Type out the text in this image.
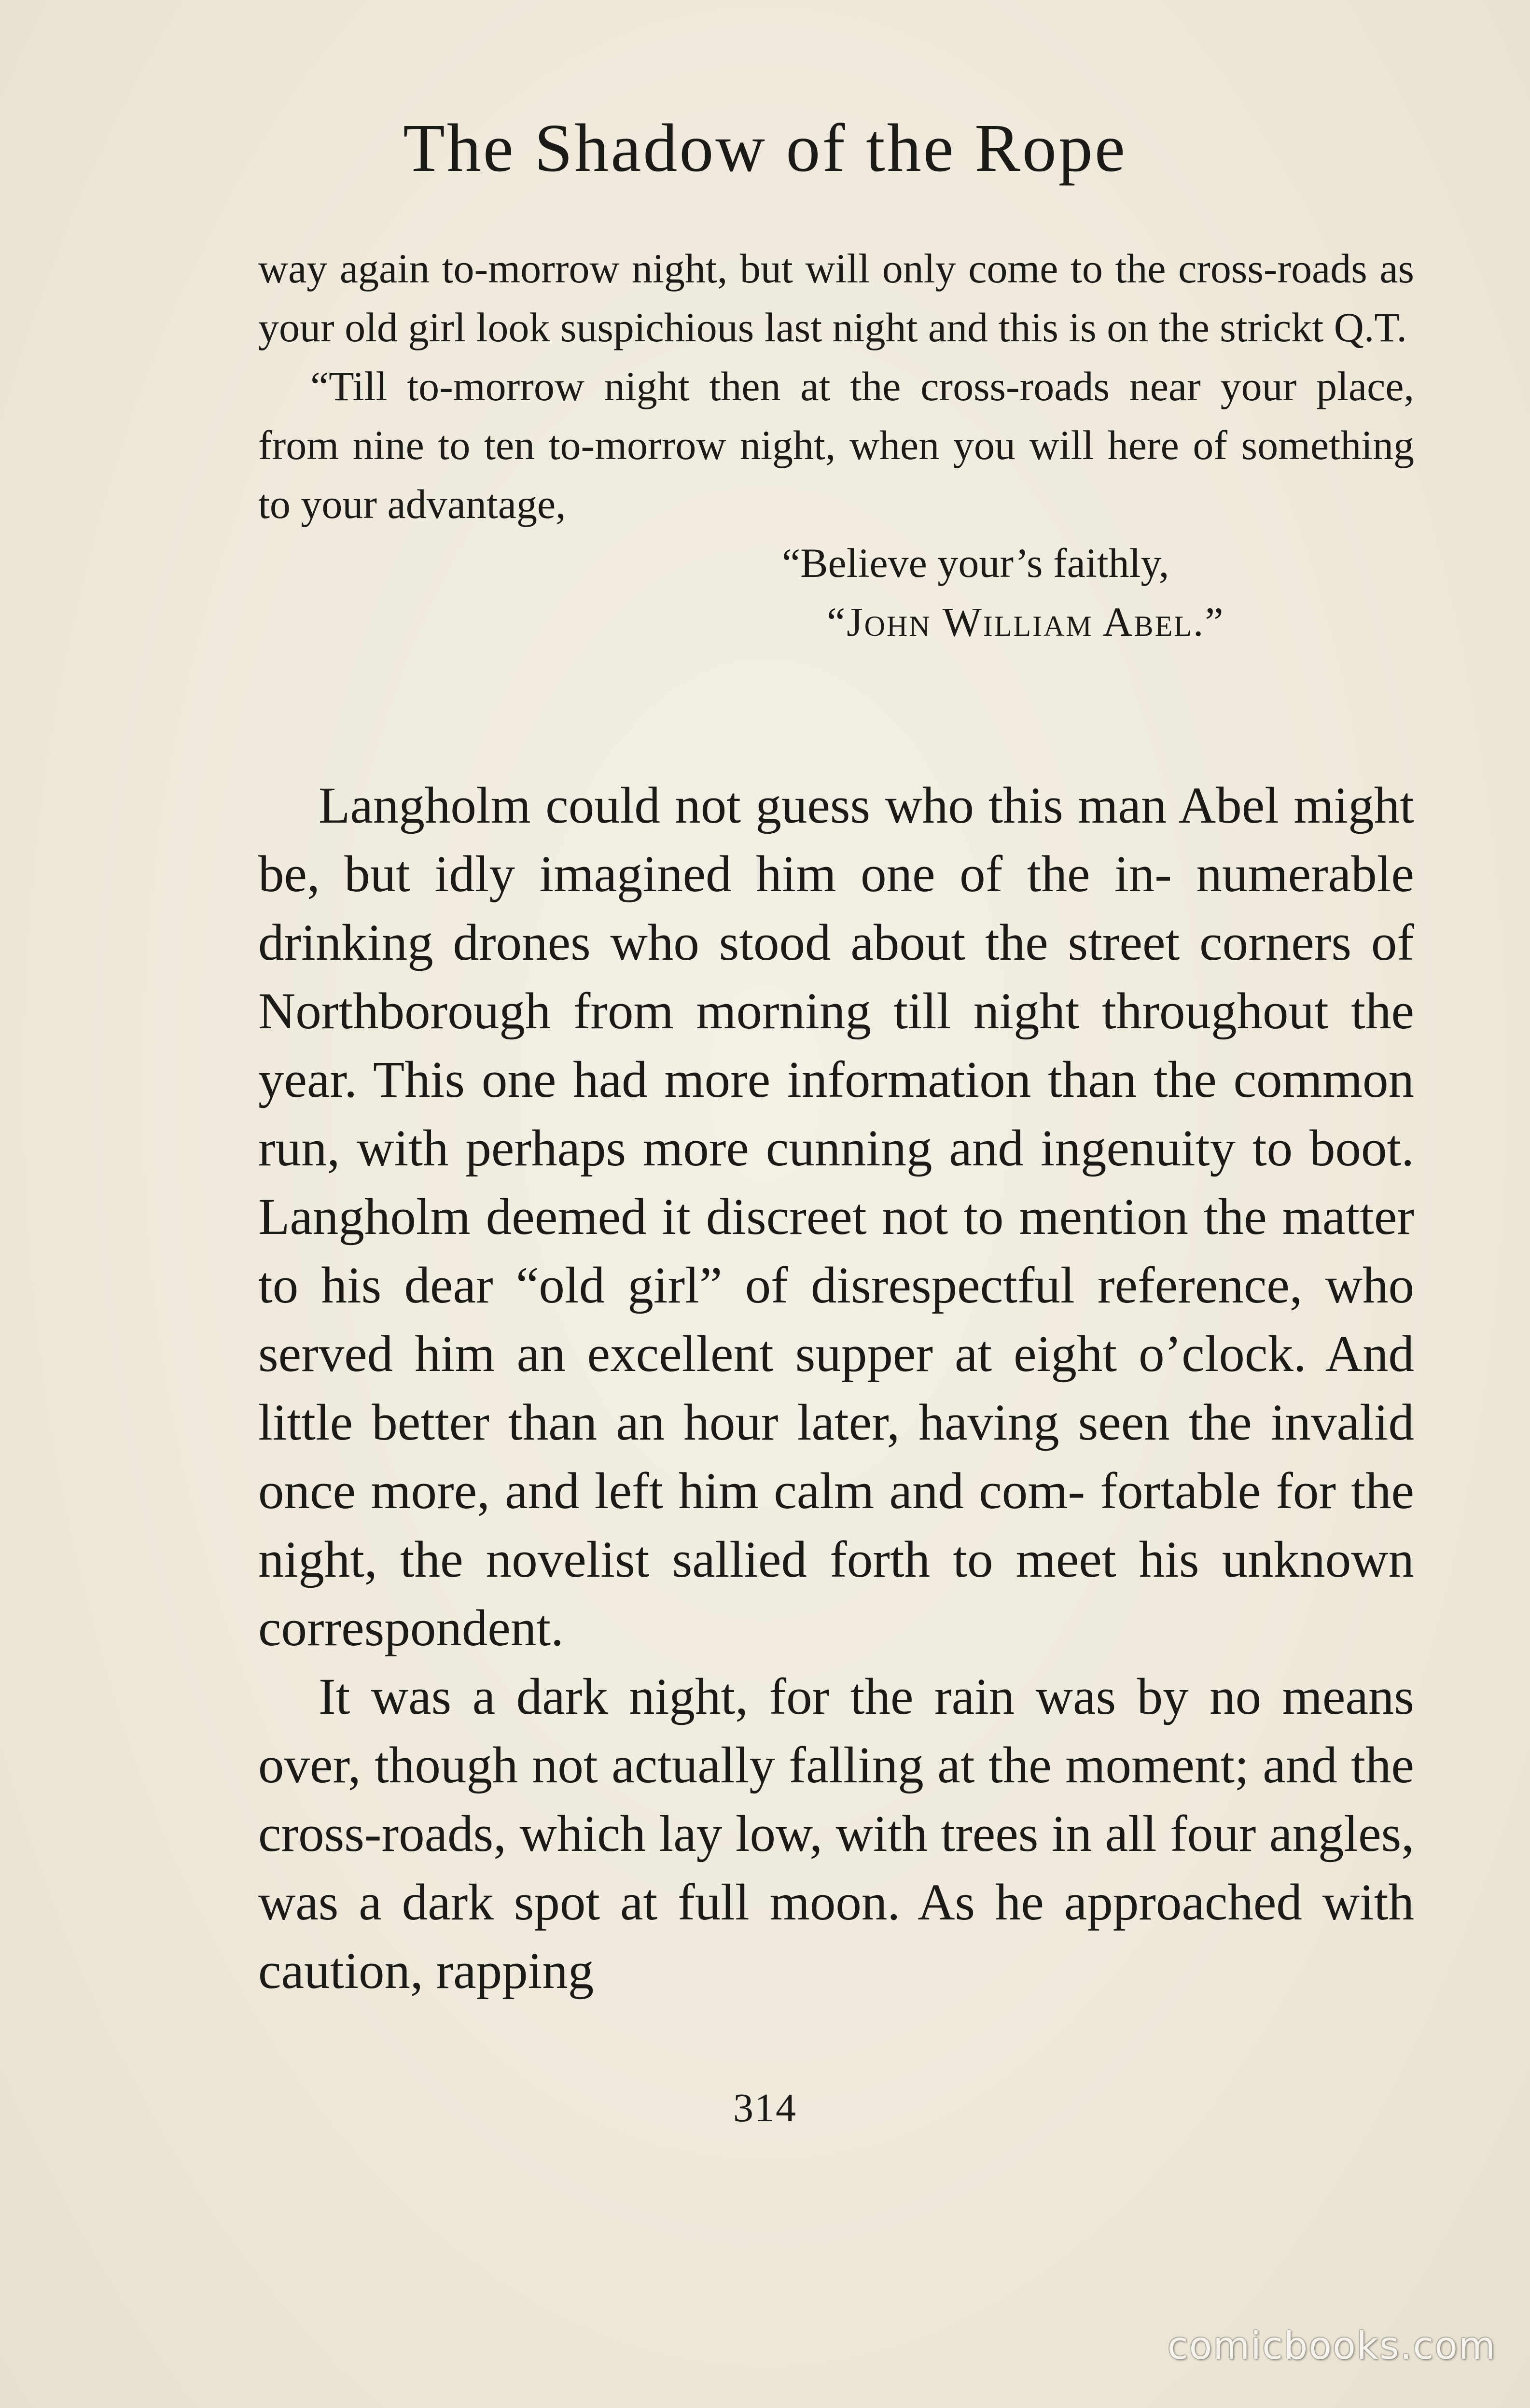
The Shadow of the Rope

way again to-morrow night, but will only come to the cross-roads as your old girl look suspichious last night and this is on the strickt Q.T.

“Till to-morrow night then at the cross-roads near your place, from nine to ten to-morrow night, when you will here of something to your advantage,

“Believe your’s faithly,

“John William Abel.”

Langholm could not guess who this man Abel might be, but idly imagined him one of the in- numerable drinking drones who stood about the street corners of Northborough from morning till night throughout the year. This one had more information than the common run, with perhaps more cunning and ingenuity to boot. Langholm deemed it discreet not to mention the matter to his dear “old girl” of disrespectful reference, who served him an excellent supper at eight o’clock. And little better than an hour later, having seen the invalid once more, and left him calm and com- fortable for the night, the novelist sallied forth to meet his unknown correspondent.

It was a dark night, for the rain was by no means over, though not actually falling at the moment; and the cross-roads, which lay low, with trees in all four angles, was a dark spot at full moon. As he approached with caution, rapping

314
comicbooks.com
